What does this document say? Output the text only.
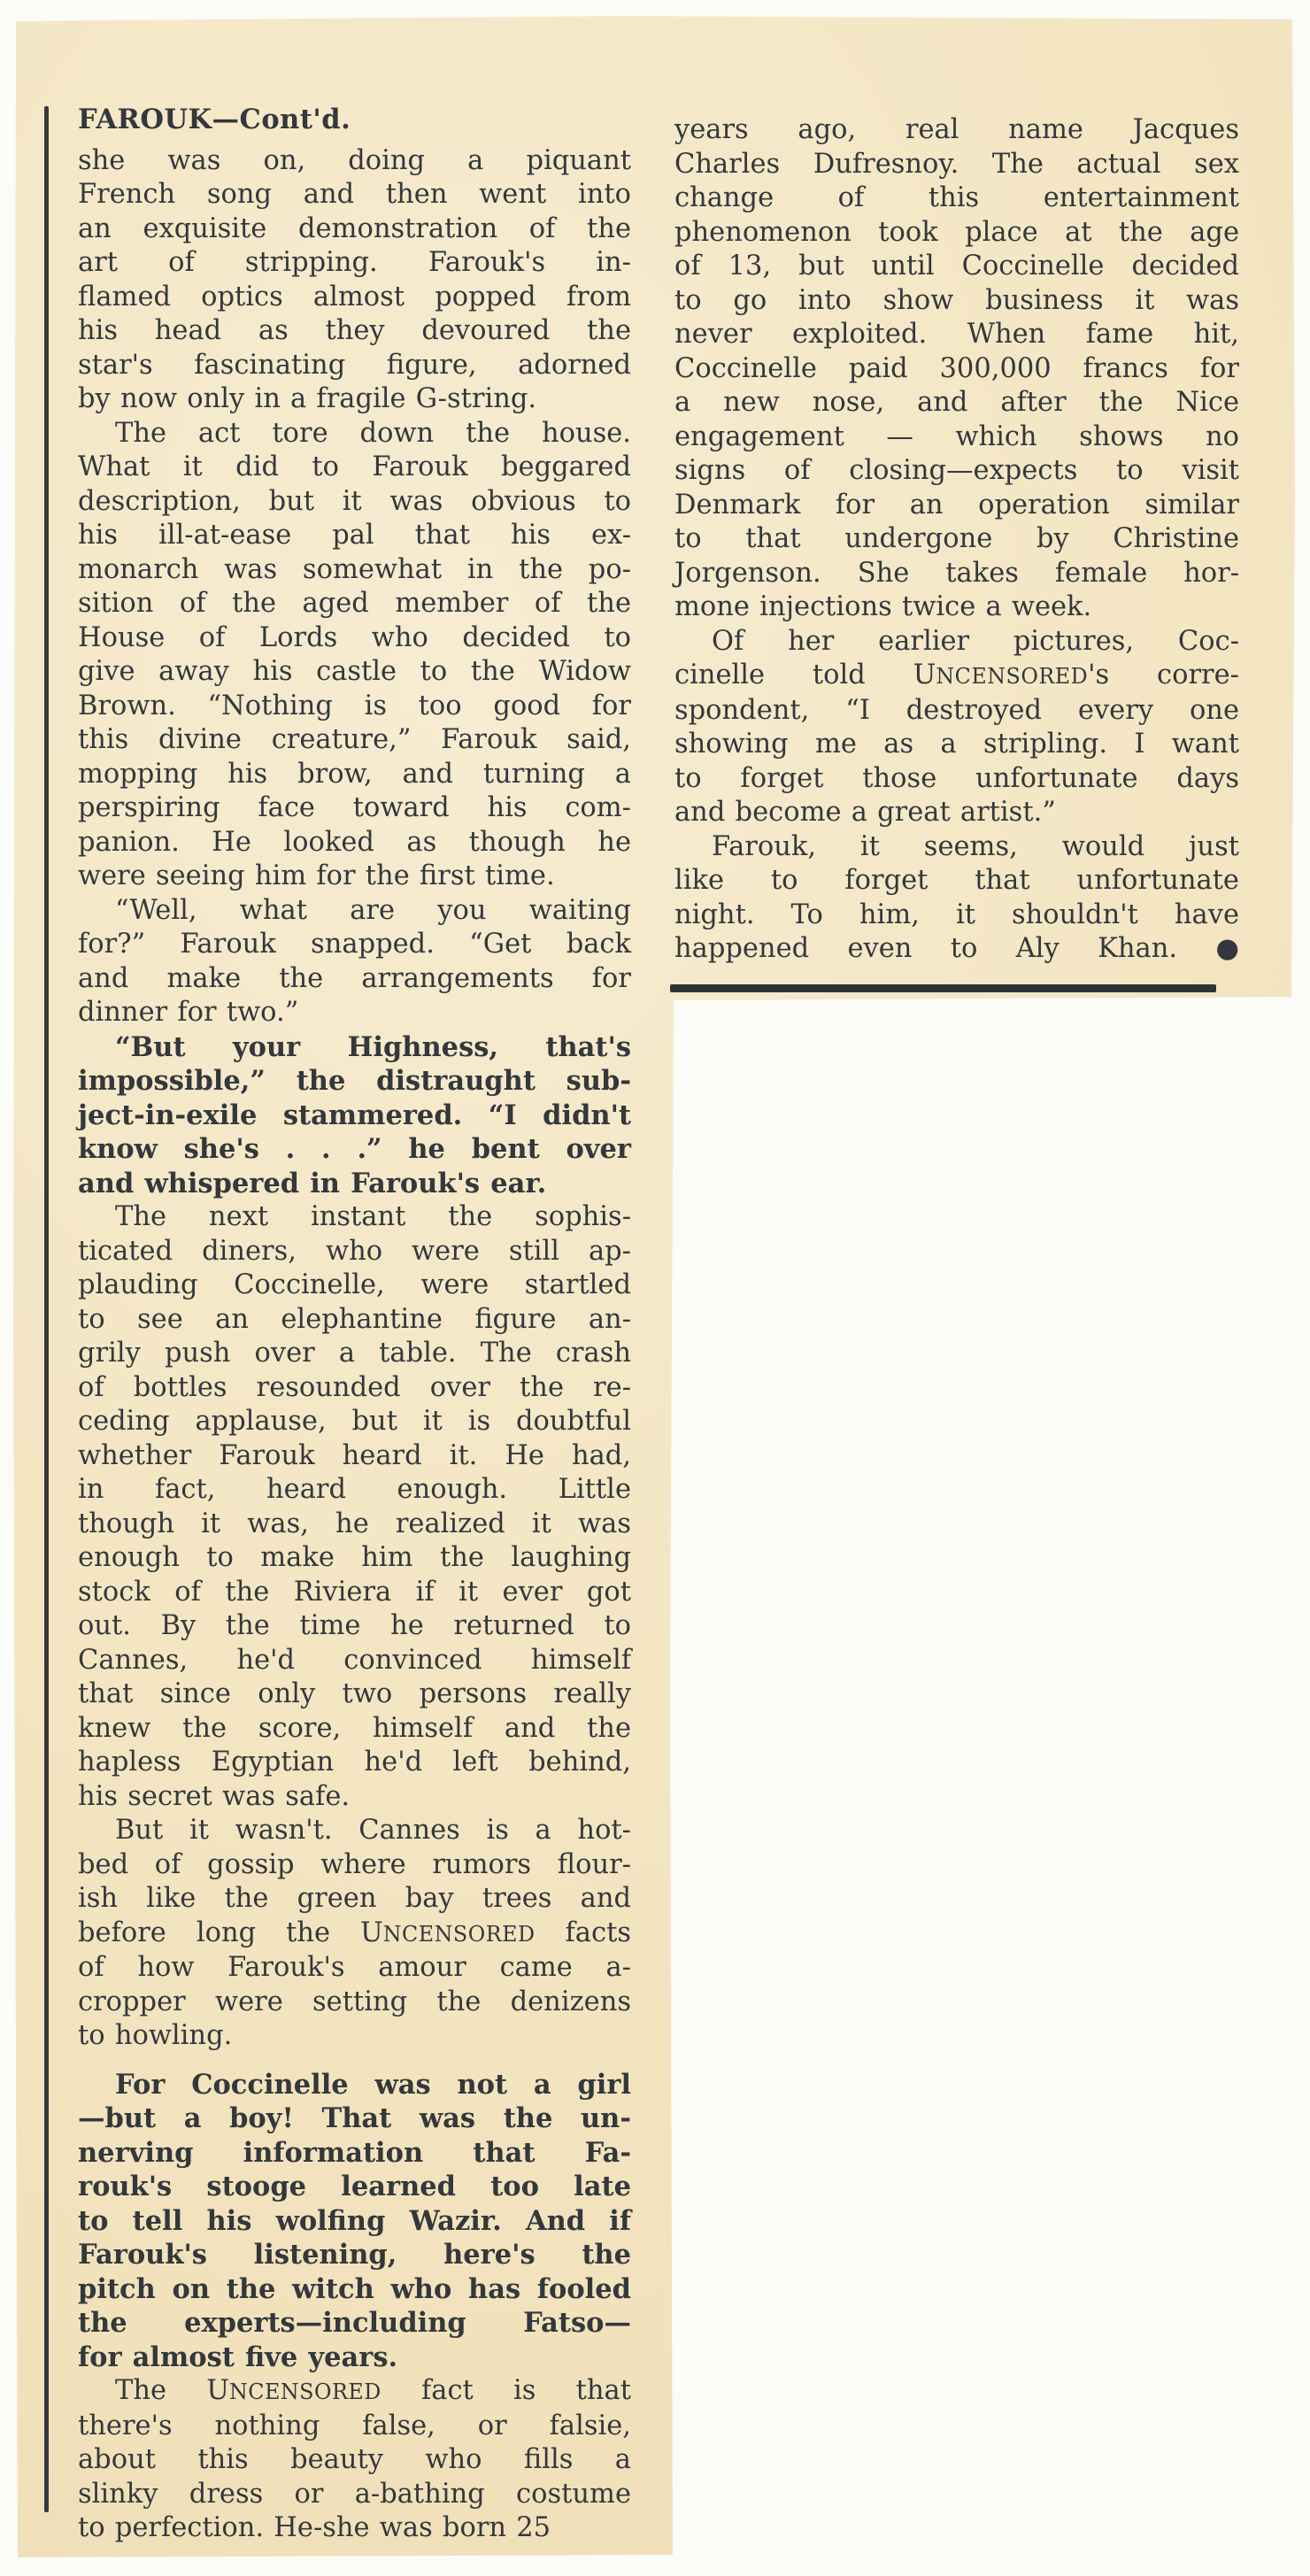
FAROUK—Cont'd.
she was on, doing a piquant
French song and then went into
an exquisite demonstration of the
art of stripping. Farouk's in-
flamed optics almost popped from
his head as they devoured the
star's fascinating figure, adorned
by now only in a fragile G-string.
The act tore down the house.
What it did to Farouk beggared
description, but it was obvious to
his ill-at-ease pal that his ex-
monarch was somewhat in the po-
sition of the aged member of the
House of Lords who decided to
give away his castle to the Widow
Brown. “Nothing is too good for
this divine creature,” Farouk said,
mopping his brow, and turning a
perspiring face toward his com-
panion. He looked as though he
were seeing him for the first time.
“Well, what are you waiting
for?” Farouk snapped. “Get back
and make the arrangements for
dinner for two.”
“But your Highness, that's
impossible,” the distraught sub-
ject-in-exile stammered. “I didn't
know she's . . .” he bent over
and whispered in Farouk's ear.
The next instant the sophis-
ticated diners, who were still ap-
plauding Coccinelle, were startled
to see an elephantine figure an-
grily push over a table. The crash
of bottles resounded over the re-
ceding applause, but it is doubtful
whether Farouk heard it. He had,
in fact, heard enough. Little
though it was, he realized it was
enough to make him the laughing
stock of the Riviera if it ever got
out. By the time he returned to
Cannes, he'd convinced himself
that since only two persons really
knew the score, himself and the
hapless Egyptian he'd left behind,
his secret was safe.
But it wasn't. Cannes is a hot-
bed of gossip where rumors flour-
ish like the green bay trees and
before long the UNCENSORED facts
of how Farouk's amour came a-
cropper were setting the denizens
to howling.
For Coccinelle was not a girl
—but a boy! That was the un-
nerving information that Fa-
rouk's stooge learned too late
to tell his wolfing Wazir. And if
Farouk's listening, here's the
pitch on the witch who has fooled
the experts—including Fatso—
for almost five years.
The UNCENSORED fact is that
there's nothing false, or falsie,
about this beauty who fills a
slinky dress or a-bathing costume
to perfection. He-she was born 25
years ago, real name Jacques
Charles Dufresnoy. The actual sex
change of this entertainment
phenomenon took place at the age
of 13, but until Coccinelle decided
to go into show business it was
never exploited. When fame hit,
Coccinelle paid 300,000 francs for
a new nose, and after the Nice
engagement — which shows no
signs of closing—expects to visit
Denmark for an operation similar
to that undergone by Christine
Jorgenson. She takes female hor-
mone injections twice a week.
Of her earlier pictures, Coc-
cinelle told UNCENSORED's corre-
spondent, “I destroyed every one
showing me as a stripling. I want
to forget those unfortunate days
and become a great artist.”
Farouk, it seems, would just
like to forget that unfortunate
night. To him, it shouldn't have
happened even to Aly Khan. ●
